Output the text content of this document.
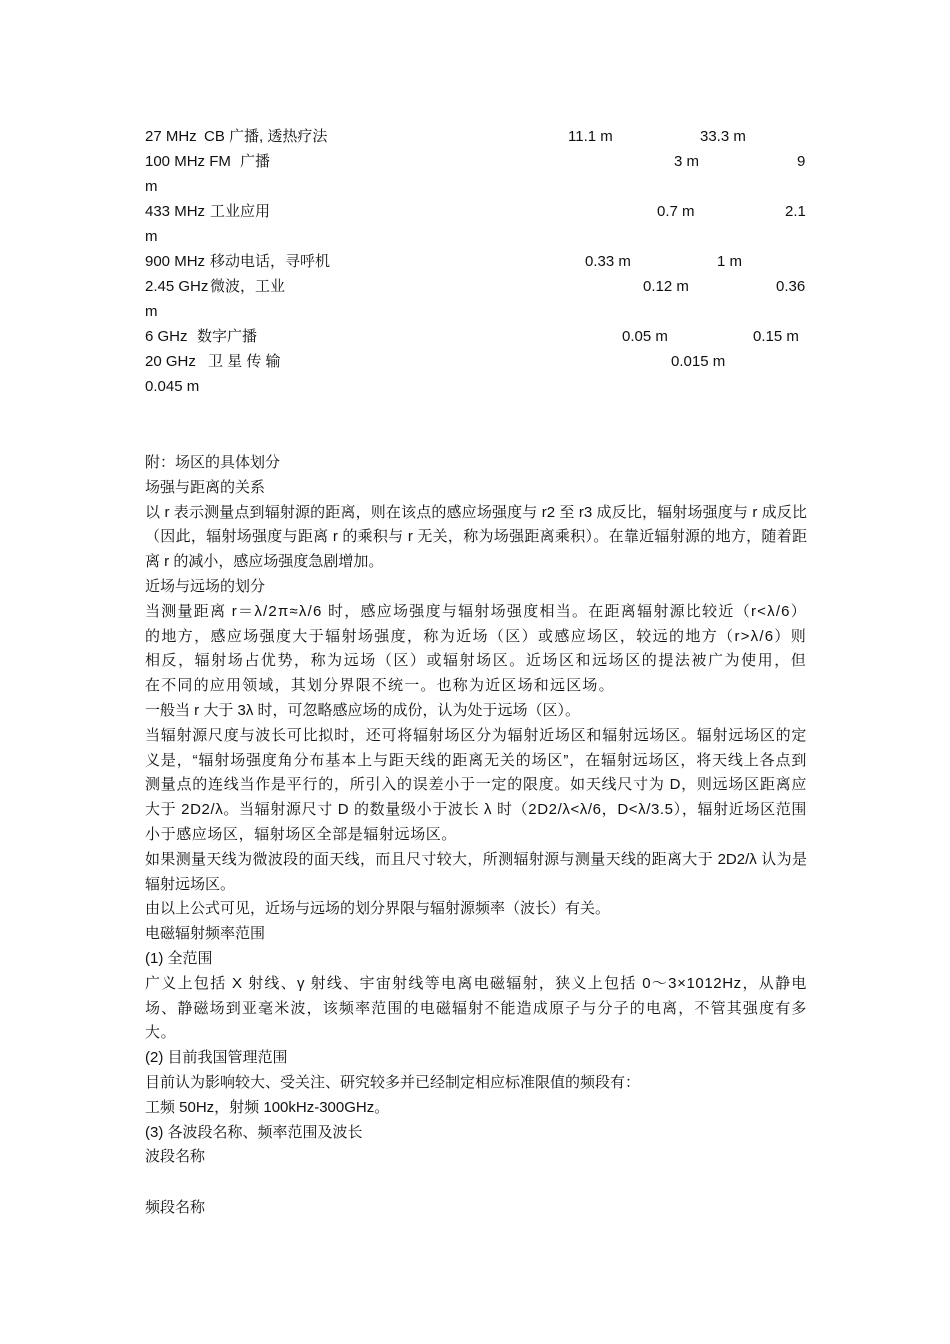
27 MHz CB 广播, 透热疗法	11.1 m	33.3 m
100 MHz FM 广播	3 m	9
m
433 MHz 工业应用	0.7 m	2.1
m
900 MHz 移动电话，寻呼机	0.33 m	1 m
2.45 GHz 微波，工业	0.12 m	0.36
m
6 GHz 数字广播	0.05 m	0.15 m
20 GHz 卫 星 传 输	0.015 m
0.045 m

附：场区的具体划分

场强与距离的关系

以 r 表示测量点到辐射源的距离，则在该点的感应场强度与 r2 至 r3 成反比，辐射场强度与 r 成反比（因此，辐射场强度与距离 r 的乘积与 r 无关，称为场强距离乘积）。在靠近辐射源的地方，随着距离 r 的减小，感应场强度急剧增加。

近场与远场的划分

当测量距离 r＝λ/2π≈λ/6 时，感应场强度与辐射场强度相当。在距离辐射源比较近（r<λ/6）的地方，感应场强度大于辐射场强度，称为近场（区）或感应场区，较远的地方（r>λ/6）则相反，辐射场占优势，称为远场（区）或辐射场区。近场区和远场区的提法被广为使用，但在不同的应用领域，其划分界限不统一。也称为近区场和远区场。

一般当 r 大于 3λ 时，可忽略感应场的成份，认为处于远场（区）。

当辐射源尺度与波长可比拟时，还可将辐射场区分为辐射近场区和辐射远场区。辐射远场区的定义是，“辐射场强度角分布基本上与距天线的距离无关的场区”，在辐射远场区，将天线上各点到测量点的连线当作是平行的，所引入的误差小于一定的限度。如天线尺寸为 D，则远场区距离应大于 2D2/λ。当辐射源尺寸 D 的数量级小于波长 λ 时（2D2/λ<λ/6，D<λ/3.5），辐射近场区范围小于感应场区，辐射场区全部是辐射远场区。

如果测量天线为微波段的面天线，而且尺寸较大，所测辐射源与测量天线的距离大于 2D2/λ 认为是辐射远场区。

由以上公式可见，近场与远场的划分界限与辐射源频率（波长）有关。

电磁辐射频率范围

(1) 全范围

广义上包括 X 射线、γ 射线、宇宙射线等电离电磁辐射，狭义上包括 0～3×1012Hz，从静电场、静磁场到亚毫米波，该频率范围的电磁辐射不能造成原子与分子的电离，不管其强度有多大。

(2) 目前我国管理范围

目前认为影响较大、受关注、研究较多并已经制定相应标准限值的频段有：

工频 50Hz，射频 100kHz-300GHz。

(3) 各波段名称、频率范围及波长

波段名称

频段名称
